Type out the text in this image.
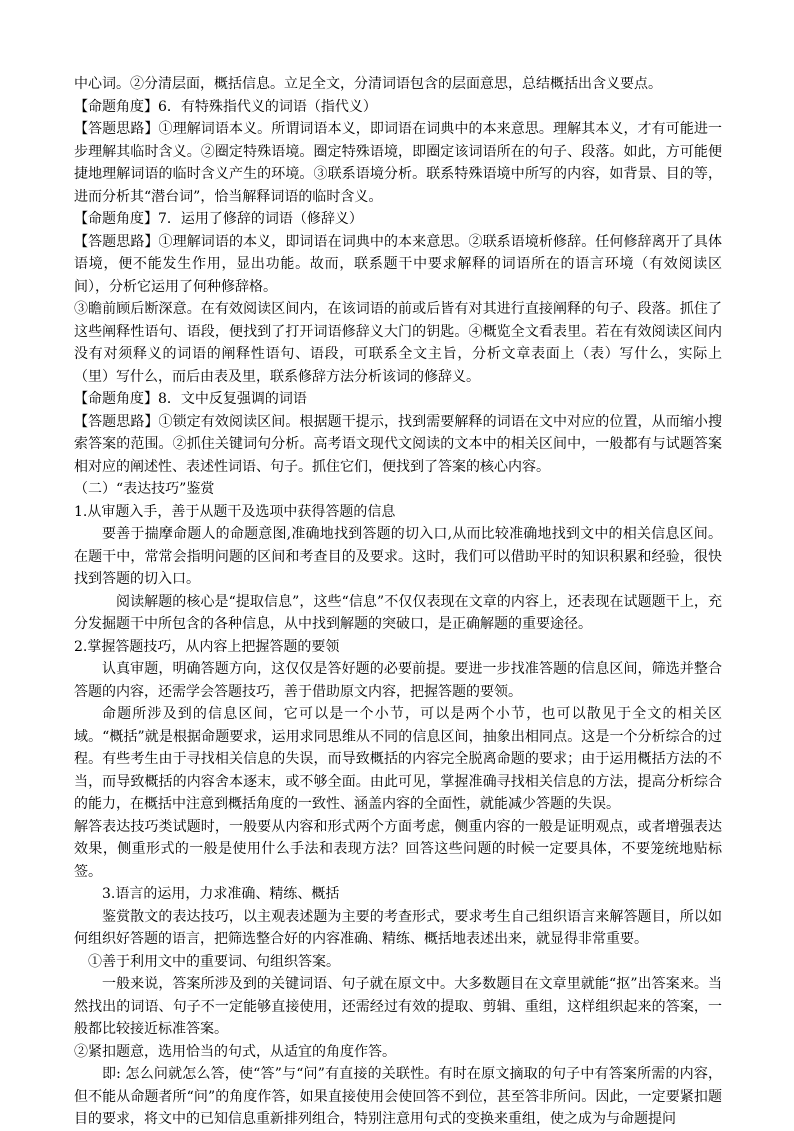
中心词。②分清层面，概括信息。立足全文，分清词语包含的层面意思，总结概括出含义要点。

【命题角度】6．有特殊指代义的词语（指代义）

【答题思路】①理解词语本义。所谓词语本义，即词语在词典中的本来意思。理解其本义，才有可能进一步理解其临时含义。②圈定特殊语境。圈定特殊语境，即圈定该词语所在的句子、段落。如此，方可能便捷地理解词语的临时含义产生的环境。③联系语境分析。联系特殊语境中所写的内容，如背景、目的等，进而分析其“潜台词”，恰当解释词语的临时含义。

【命题角度】7．运用了修辞的词语（修辞义）

【答题思路】①理解词语的本义，即词语在词典中的本来意思。②联系语境析修辞。任何修辞离开了具体语境，便不能发生作用，显出功能。故而，联系题干中要求解释的词语所在的语言环境（有效阅读区间），分析它运用了何种修辞格。

③瞻前顾后断深意。在有效阅读区间内，在该词语的前或后皆有对其进行直接阐释的句子、段落。抓住了这些阐释性语句、语段，便找到了打开词语修辞义大门的钥匙。④概览全文看表里。若在有效阅读区间内没有对须释义的词语的阐释性语句、语段，可联系全文主旨，分析文章表面上（表）写什么，实际上（里）写什么，而后由表及里，联系修辞方法分析该词的修辞义。

【命题角度】8．文中反复强调的词语

【答题思路】①锁定有效阅读区间。根据题干提示，找到需要解释的词语在文中对应的位置，从而缩小搜索答案的范围。②抓住关键词句分析。高考语文现代文阅读的文本中的相关区间中，一般都有与试题答案相对应的阐述性、表述性词语、句子。抓住它们，便找到了答案的核心内容。

（二）“表达技巧”鉴赏

1.从审题入手，善于从题干及选项中获得答题的信息

要善于揣摩命题人的命题意图,准确地找到答题的切入口,从而比较准确地找到文中的相关信息区间。在题干中，常常会指明问题的区间和考查目的及要求。这时，我们可以借助平时的知识积累和经验，很快找到答题的切入口。

阅读解题的核心是“提取信息”，这些“信息”不仅仅表现在文章的内容上，还表现在试题题干上，充分发掘题干中所包含的各种信息，从中找到解题的突破口，是正确解题的重要途径。

2.掌握答题技巧，从内容上把握答题的要领

认真审题，明确答题方向，这仅仅是答好题的必要前提。要进一步找准答题的信息区间，筛选并整合答题的内容，还需学会答题技巧，善于借助原文内容，把握答题的要领。

命题所涉及到的信息区间，它可以是一个小节，可以是两个小节，也可以散见于全文的相关区域。“概括”就是根据命题要求，运用求同思维从不同的信息区间，抽象出相同点。这是一个分析综合的过程。有些考生由于寻找相关信息的失误，而导致概括的内容完全脱离命题的要求；由于运用概括方法的不当，而导致概括的内容舍本逐末，或不够全面。由此可见，掌握准确寻找相关信息的方法，提高分析综合的能力，在概括中注意到概括角度的一致性、涵盖内容的全面性，就能减少答题的失误。

解答表达技巧类试题时，一般要从内容和形式两个方面考虑，侧重内容的一般是证明观点，或者增强表达效果，侧重形式的一般是使用什么手法和表现方法？回答这些问题的时候一定要具体，不要笼统地贴标签。

3.语言的运用，力求准确、精练、概括

鉴赏散文的表达技巧，以主观表述题为主要的考查形式，要求考生自己组织语言来解答题目，所以如何组织好答题的语言，把筛选整合好的内容准确、精练、概括地表述出来，就显得非常重要。

①善于利用文中的重要词、句组织答案。

一般来说，答案所涉及到的关键词语、句子就在原文中。大多数题目在文章里就能“抠”出答案来。当然找出的词语、句子不一定能够直接使用，还需经过有效的提取、剪辑、重组，这样组织起来的答案，一般都比较接近标准答案。

②紧扣题意，选用恰当的句式，从适宜的角度作答。

即: 怎么问就怎么答，使“答”与“问”有直接的关联性。有时在原文摘取的句子中有答案所需的内容，但不能从命题者所“问”的角度作答，如果直接使用会使回答不到位，甚至答非所问。因此，一定要紧扣题目的要求，将文中的已知信息重新排列组合，特别注意用句式的变换来重组，使之成为与命题提问
